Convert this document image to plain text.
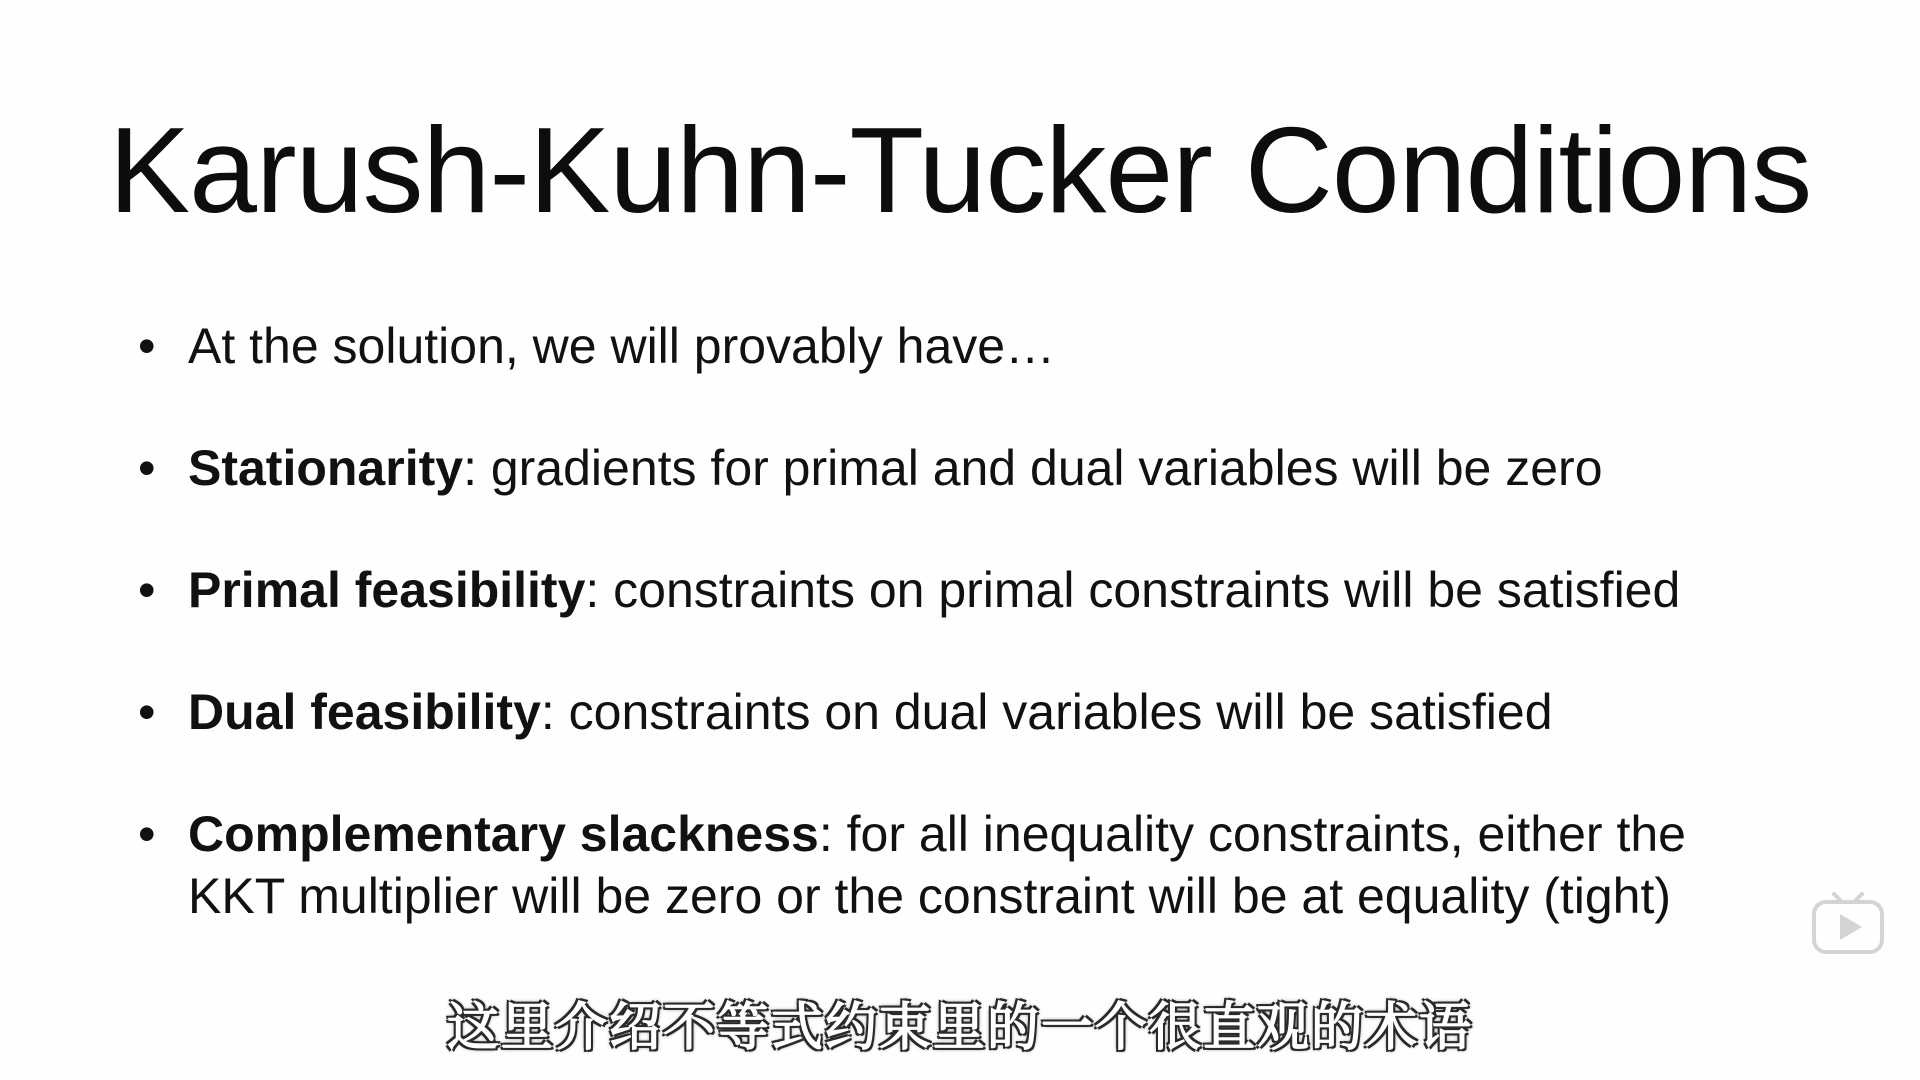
Karush-Kuhn-Tucker Conditions
• At the solution, we will provably have…
• Stationarity: gradients for primal and dual variables will be zero
• Primal feasibility: constraints on primal constraints will be satisfied
• Dual feasibility: constraints on dual variables will be satisfied
• Complementary slackness: for all inequality constraints, either the KKT multiplier will be zero or the constraint will be at equality (tight)
这里介绍不等式约束里的一个很直观的术语
